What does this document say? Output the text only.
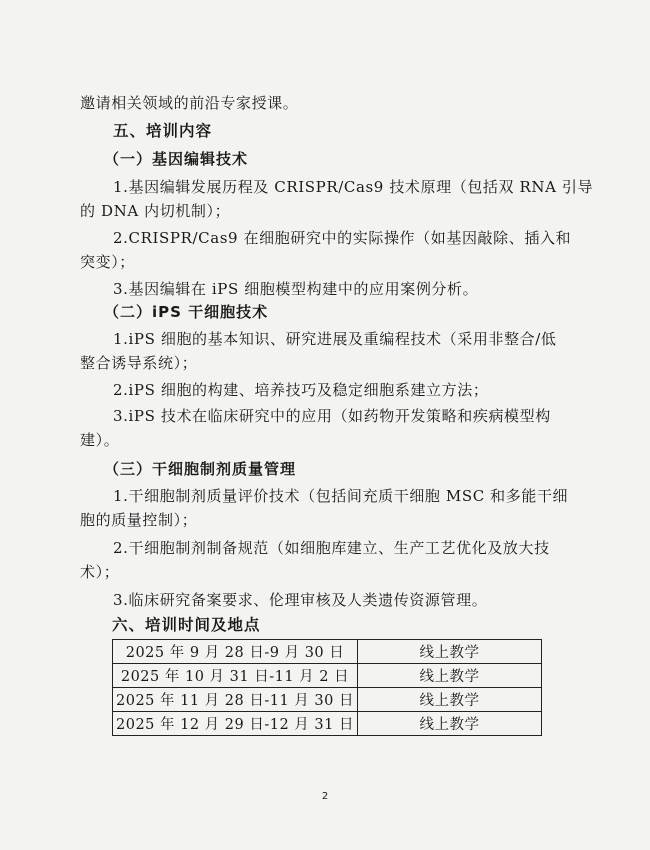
邀请相关领域的前沿专家授课。
五、培训内容
（一）基因编辑技术
1.基因编辑发展历程及 CRISPR/Cas9 技术原理（包括双 RNA 引导
的 DNA 内切机制）；
2.CRISPR/Cas9 在细胞研究中的实际操作（如基因敲除、插入和
突变）；
3.基因编辑在 iPS 细胞模型构建中的应用案例分析。
（二）iPS 干细胞技术
1.iPS 细胞的基本知识、研究进展及重编程技术（采用非整合/低
整合诱导系统）；
2.iPS 细胞的构建、培养技巧及稳定细胞系建立方法；
3.iPS 技术在临床研究中的应用（如药物开发策略和疾病模型构
建）。
（三）干细胞制剂质量管理
1.干细胞制剂质量评价技术（包括间充质干细胞 MSC 和多能干细
胞的质量控制）；
2.干细胞制剂制备规范（如细胞库建立、生产工艺优化及放大技
术）；
3.临床研究备案要求、伦理审核及人类遗传资源管理。
六、培训时间及地点
2025 年 9 月 28 日-9 月 30 日	线上教学
2025 年 10 月 31 日-11 月 2 日	线上教学
2025 年 11 月 28 日-11 月 30 日	线上教学
2025 年 12 月 29 日-12 月 31 日	线上教学
2
